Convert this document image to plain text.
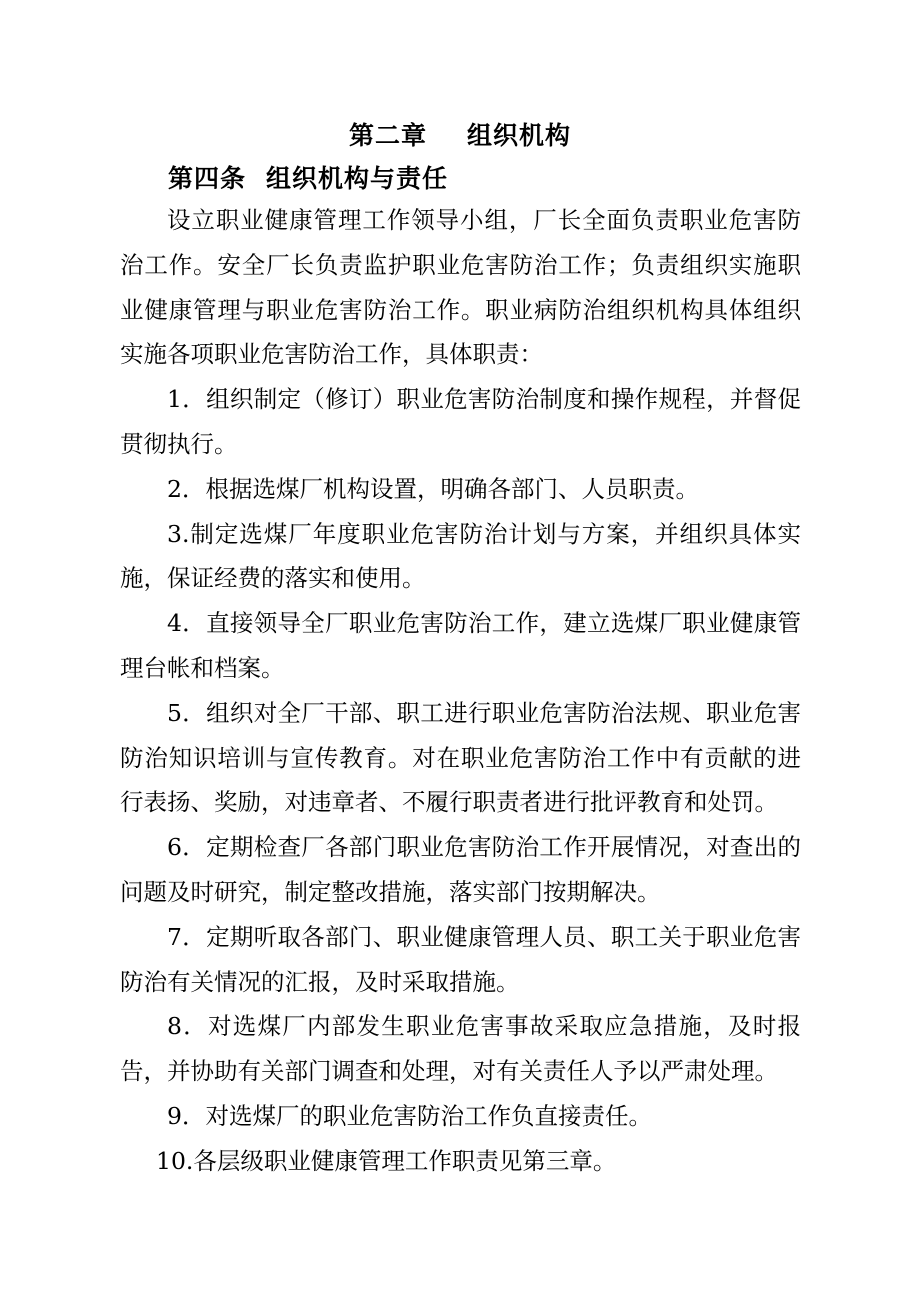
第二章 组织机构
第四条 组织机构与责任

设立职业健康管理工作领导小组，厂长全面负责职业危害防治工作。安全厂长负责监护职业危害防治工作；负责组织实施职业健康管理与职业危害防治工作。职业病防治组织机构具体组织实施各项职业危害防治工作，具体职责：

1．组织制定（修订）职业危害防治制度和操作规程，并督促贯彻执行。

2．根据选煤厂机构设置，明确各部门、人员职责。

3.制定选煤厂年度职业危害防治计划与方案，并组织具体实施，保证经费的落实和使用。

4．直接领导全厂职业危害防治工作，建立选煤厂职业健康管理台帐和档案。

5．组织对全厂干部、职工进行职业危害防治法规、职业危害防治知识培训与宣传教育。对在职业危害防治工作中有贡献的进行表扬、奖励，对违章者、不履行职责者进行批评教育和处罚。

6．定期检查厂各部门职业危害防治工作开展情况，对查出的问题及时研究，制定整改措施，落实部门按期解决。

7．定期听取各部门、职业健康管理人员、职工关于职业危害防治有关情况的汇报，及时采取措施。

8．对选煤厂内部发生职业危害事故采取应急措施，及时报告，并协助有关部门调查和处理，对有关责任人予以严肃处理。

9．对选煤厂的职业危害防治工作负直接责任。

10.各层级职业健康管理工作职责见第三章。
